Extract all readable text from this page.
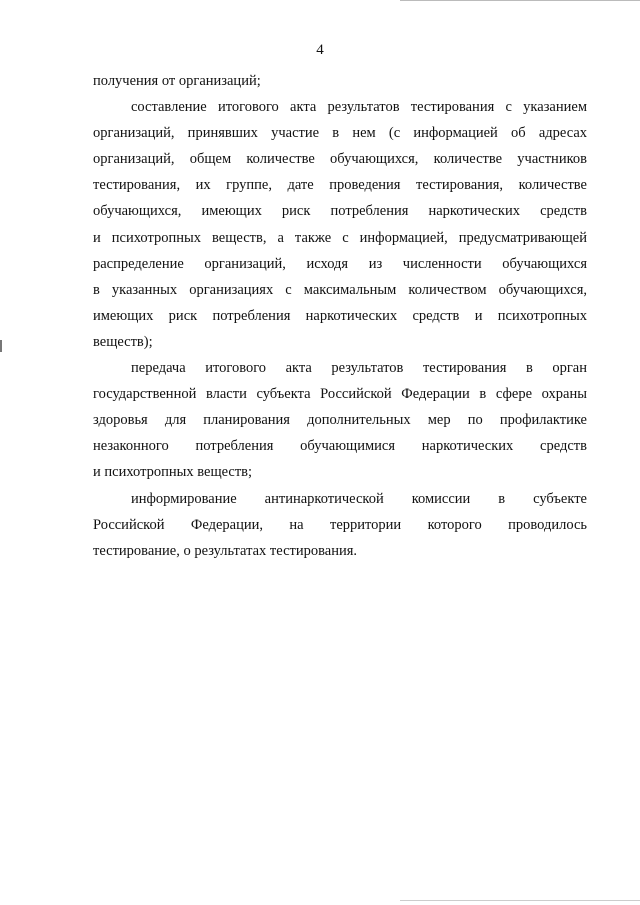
4
получения от организаций;
составление итогового акта результатов тестирования с указанием
организаций, принявших участие в нем (с информацией об адресах
организаций, общем количестве обучающихся, количестве участников
тестирования, их группе, дате проведения тестирования, количестве
обучающихся, имеющих риск потребления наркотических средств
и психотропных веществ, а также с информацией, предусматривающей
распределение организаций, исходя из численности обучающихся
в указанных организациях с максимальным количеством обучающихся,
имеющих риск потребления наркотических средств и психотропных
веществ);
передача итогового акта результатов тестирования в орган
государственной власти субъекта Российской Федерации в сфере охраны
здоровья для планирования дополнительных мер по профилактике
незаконного потребления обучающимися наркотических средств
и психотропных веществ;
информирование антинаркотической комиссии в субъекте
Российской Федерации, на территории которого проводилось
тестирование, о результатах тестирования.
